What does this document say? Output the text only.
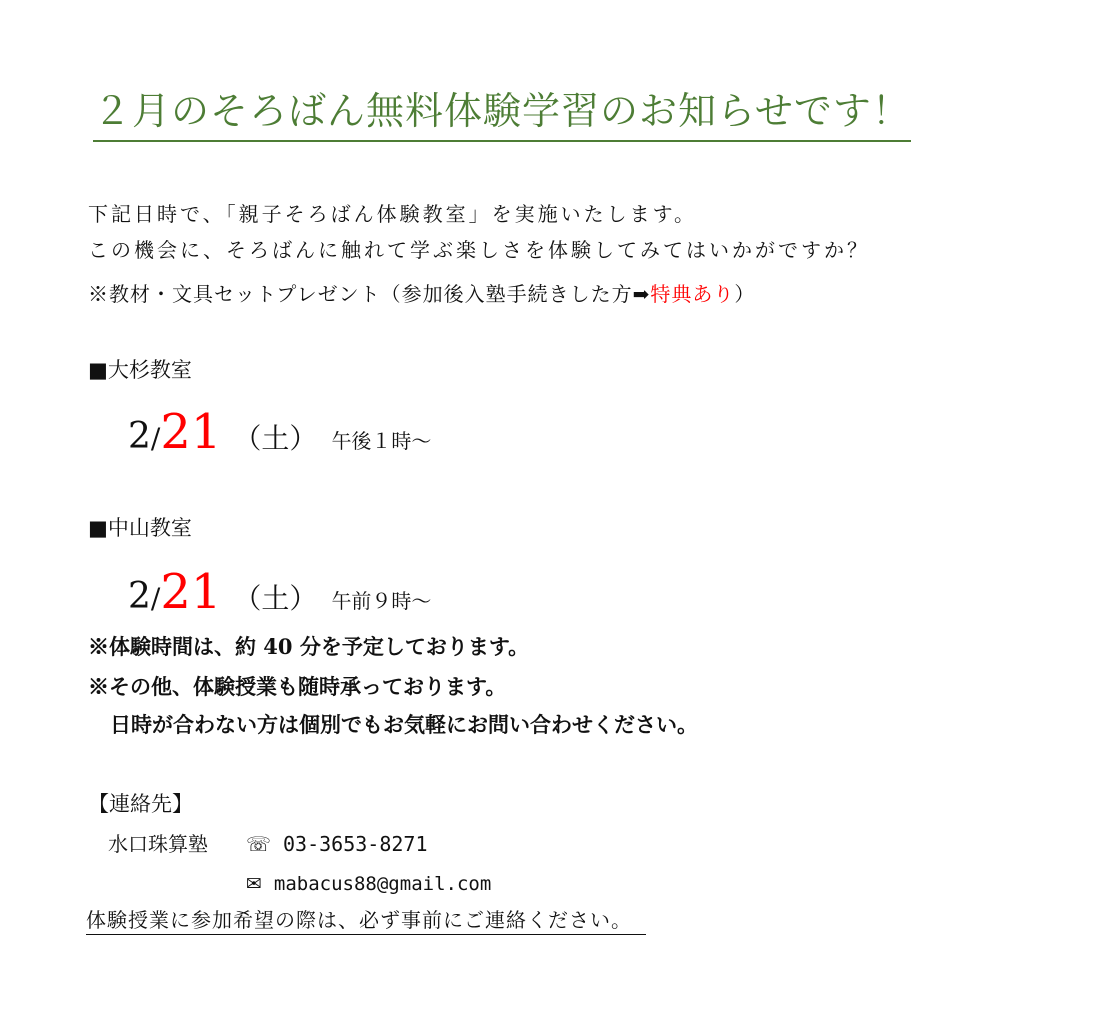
２月のそろばん無料体験学習のお知らせです！
下記日時で、「親子そろばん体験教室」を実施いたします。
この機会に、そろばんに触れて学ぶ楽しさを体験してみてはいかがですか？
※教材・文具セットプレゼント（参加後入塾手続きした方➡特典あり）
■大杉教室
2/21 （土） 午後１時～
■中山教室
2/21 （土） 午前９時～
※体験時間は、約 40 分を予定しております。
※その他、体験授業も随時承っております。
日時が合わない方は個別でもお気軽にお問い合わせください。
【連絡先】
水口珠算塾 ☏ 03-3653-8271
✉ mabacus88@gmail.com
体験授業に参加希望の際は、必ず事前にご連絡ください。
